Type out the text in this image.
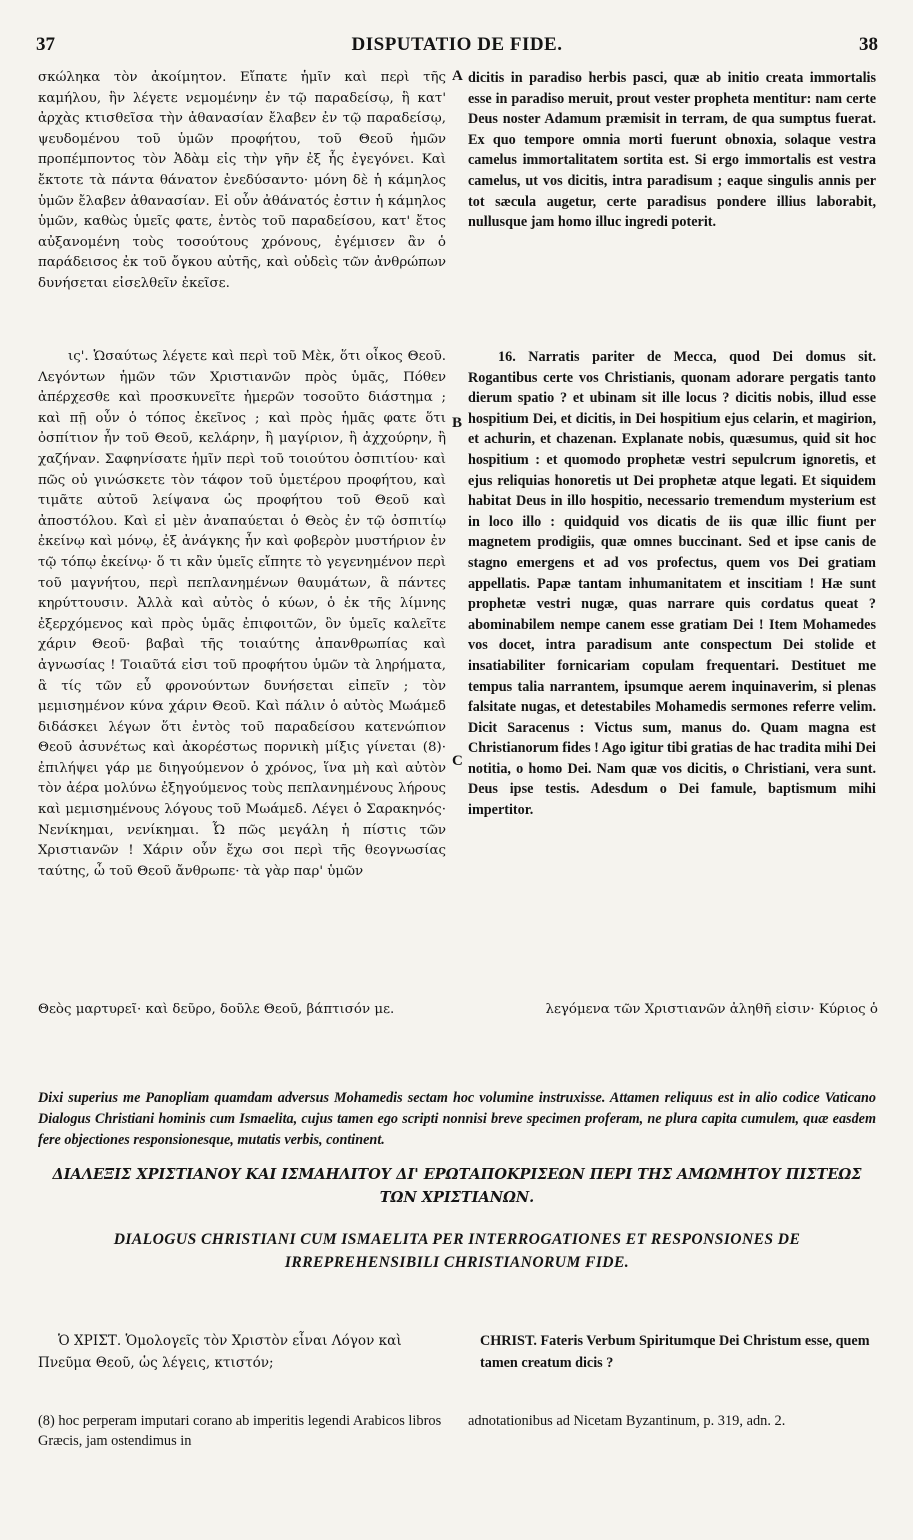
37	DISPUTATIO DE FIDE.	38
A
B
C

σκώληκα τὸν ἀκοίμητον. Εἴπατε ἡμῖν καὶ περὶ τῆς καμήλου, ἣν λέγετε νεμομένην ἐν τῷ παραδείσῳ, ἣ κατ' ἀρχὰς κτισθεῖσα τὴν ἀθανασίαν ἔλαβεν ἐν τῷ παραδείσῳ, ψευδομένου τοῦ ὑμῶν προφήτου, τοῦ Θεοῦ ἡμῶν προπέμποντος τὸν Ἀδὰμ εἰς τὴν γῆν ἐξ ἧς ἐγεγόνει. Καὶ ἔκτοτε τὰ πάντα θάνατον ἐνεδύσαντο· μόνη δὲ ἡ κάμηλος ὑμῶν ἔλαβεν ἀθανασίαν. Εἰ οὖν ἀθάνατός ἐστιν ἡ κάμηλος ὑμῶν, καθὼς ὑμεῖς φατε, ἐντὸς τοῦ παραδείσου, κατ' ἔτος αὐξανομένη τοὺς τοσούτους χρόνους, ἐγέμισεν ἂν ὁ παράδεισος ἐκ τοῦ ὄγκου αὐτῆς, καὶ οὐδεὶς τῶν ἀνθρώπων δυνήσεται εἰσελθεῖν ἐκεῖσε.

dicitis in paradiso herbis pasci, quæ ab initio creata immortalis esse in paradiso meruit, prout vester propheta mentitur: nam certe Deus noster Adamum præmisit in terram, de qua sumptus fuerat. Ex quo tempore omnia morti fuerunt obnoxia, solaque vestra camelus immortalitatem sortita est. Si ergo immortalis est vestra camelus, ut vos dicitis, intra paradisum ; eaque singulis annis per tot sæcula augetur, certe paradisus pondere illius laborabit, nullusque jam homo illuc ingredi poterit.

ις'. Ὡσαύτως λέγετε καὶ περὶ τοῦ Μὲκ, ὅτι οἶκος Θεοῦ. Λεγόντων ἡμῶν τῶν Χριστιανῶν πρὸς ὑμᾶς, Πόθεν ἀπέρχεσθε καὶ προσκυνεῖτε ἡμερῶν τοσοῦτο διάστημα ; καὶ πῇ οὖν ὁ τόπος ἐκεῖνος ; καὶ πρὸς ἡμᾶς φατε ὅτι ὀσπίτιον ἦν τοῦ Θεοῦ, κελάρην, ἢ μαγίριον, ἢ ἀχχούρην, ἢ χαζήναν. Σαφηνίσατε ἡμῖν περὶ τοῦ τοιούτου ὀσπιτίου· καὶ πῶς οὐ γινώσκετε τὸν τάφον τοῦ ὑμετέρου προφήτου, καὶ τιμᾶτε αὐτοῦ λείψανα ὡς προφήτου τοῦ Θεοῦ καὶ ἀποστόλου. Καὶ εἰ μὲν ἀναπαύεται ὁ Θεὸς ἐν τῷ ὀσπιτίῳ ἐκείνῳ καὶ μόνῳ, ἐξ ἀνάγκης ἦν καὶ φοβερὸν μυστήριον ἐν τῷ τόπῳ ἐκείνῳ· ὅ τι κἂν ὑμεῖς εἴπητε τὸ γεγενημένον περὶ τοῦ μαγνήτου, περὶ πεπλανημένων θαυμάτων, ἃ πάντες κηρύττουσιν. Ἀλλὰ καὶ αὐτὸς ὁ κύων, ὁ ἐκ τῆς λίμνης ἐξερχόμενος καὶ πρὸς ὑμᾶς ἐπιφοιτῶν, ὃν ὑμεῖς καλεῖτε χάριν Θεοῦ· βαβαὶ τῆς τοιαύτης ἀπανθρωπίας καὶ ἀγνωσίας ! Τοιαῦτά εἰσι τοῦ προφήτου ὑμῶν τὰ ληρήματα, ἃ τίς τῶν εὖ φρονούντων δυνήσεται εἰπεῖν ; τὸν μεμισημένον κύνα χάριν Θεοῦ. Καὶ πάλιν ὁ αὐτὸς Μωάμεδ διδάσκει λέγων ὅτι ἐντὸς τοῦ παραδείσου κατενώπιον Θεοῦ ἀσυνέτως καὶ ἀκορέστως πορνικὴ μίξις γίνεται (8)· ἐπιλήψει γάρ με διηγούμενον ὁ χρόνος, ἵνα μὴ καὶ αὐτὸν τὸν ἀέρα μολύνω ἐξηγούμενος τοὺς πεπλανημένους λήρους καὶ μεμισημένους λόγους τοῦ Μωάμεδ. Λέγει ὁ Σαρακηνός· Νενίκημαι, νενίκημαι. Ὦ πῶς μεγάλη ἡ πίστις τῶν Χριστιανῶν ! Χάριν οὖν ἔχω σοι περὶ τῆς θεογνωσίας ταύτης, ὦ τοῦ Θεοῦ ἄνθρωπε· τὰ γὰρ παρ' ὑμῶν

16. Narratis pariter de Mecca, quod Dei domus sit. Rogantibus certe vos Christianis, quonam adorare pergatis tanto dierum spatio ? et ubinam sit ille locus ? dicitis nobis, illud esse hospitium Dei, et dicitis, in Dei hospitium ejus celarin, et magirion, et achurin, et chazenan. Explanate nobis, quæsumus, quid sit hoc hospitium : et quomodo prophetæ vestri sepulcrum ignoretis, et ejus reliquias honoretis ut Dei prophetæ atque legati. Et siquidem habitat Deus in illo hospitio, necessario tremendum mysterium est in loco illo : quidquid vos dicatis de iis quæ illic fiunt per magnetem prodigiis, quæ omnes buccinant. Sed et ipse canis de stagno emergens et ad vos profectus, quem vos Dei gratiam appellatis. Papæ tantam inhumanitatem et inscitiam ! Hæ sunt prophetæ vestri nugæ, quas narrare quis cordatus queat ? abominabilem nempe canem esse gratiam Dei ! Item Mohamedes vos docet, intra paradisum ante conspectum Dei stolide et insatiabiliter fornicariam copulam frequentari. Destituet me tempus talia narrantem, ipsumque aerem inquinaverim, si plenas falsitate nugas, et detestabiles Mohamedis sermones referre velim. Dicit Saracenus : Victus sum, manus do. Quam magna est Christianorum fides ! Ago igitur tibi gratias de hac tradita mihi Dei notitia, o homo Dei. Nam quæ vos dicitis, o Christiani, vera sunt. Deus ipse testis. Adesdum o Dei famule, baptismum mihi impertitor.

Θεὸς μαρτυρεῖ· καὶ δεῦρο, δοῦλε Θεοῦ, βάπτισόν με.	λεγόμενα τῶν Χριστιανῶν ἀληθῆ εἰσιν· Κύριος ὁ

Dixi superius me Panopliam quamdam adversus Mohamedis sectam hoc volumine instruxisse. Attamen reliquus est in alio codice Vaticano Dialogus Christiani hominis cum Ismaelita, cujus tamen ego scripti nonnisi breve specimen proferam, ne plura capita cumulem, quæ easdem fere objectiones responsionesque, mutatis verbis, continent.

ΔΙΑΛΕΞΙΣ ΧΡΙΣΤΙΑΝΟΥ ΚΑΙ ΙΣΜΑΗΛΙΤΟΥ ΔΙ' ΕΡΩΤΑΠΟΚΡΙΣΕΩΝ ΠΕΡΙ ΤΗΣ ΑΜΩΜΗΤΟΥ ΠΙΣΤΕΩΣ ΤΩΝ ΧΡΙΣΤΙΑΝΩΝ.
DIALOGUS CHRISTIANI CUM ISMAELITA PER INTERROGATIONES ET RESPONSIONES DE IRREPREHENSIBILI CHRISTIANORUM FIDE.

Ὁ ΧΡΙΣΤ. Ὁμολογεῖς τὸν Χριστὸν εἶναι Λόγον καὶ Πνεῦμα Θεοῦ, ὡς λέγεις, κτιστόν;

CHRIST. Fateris Verbum Spiritumque Dei Christum esse, quem tamen creatum dicis ?

(8) hoc perperam imputari corano ab imperitis legendi Arabicos libros Græcis, jam ostendimus in

adnotationibus ad Nicetam Byzantinum, p. 319, adn. 2.
